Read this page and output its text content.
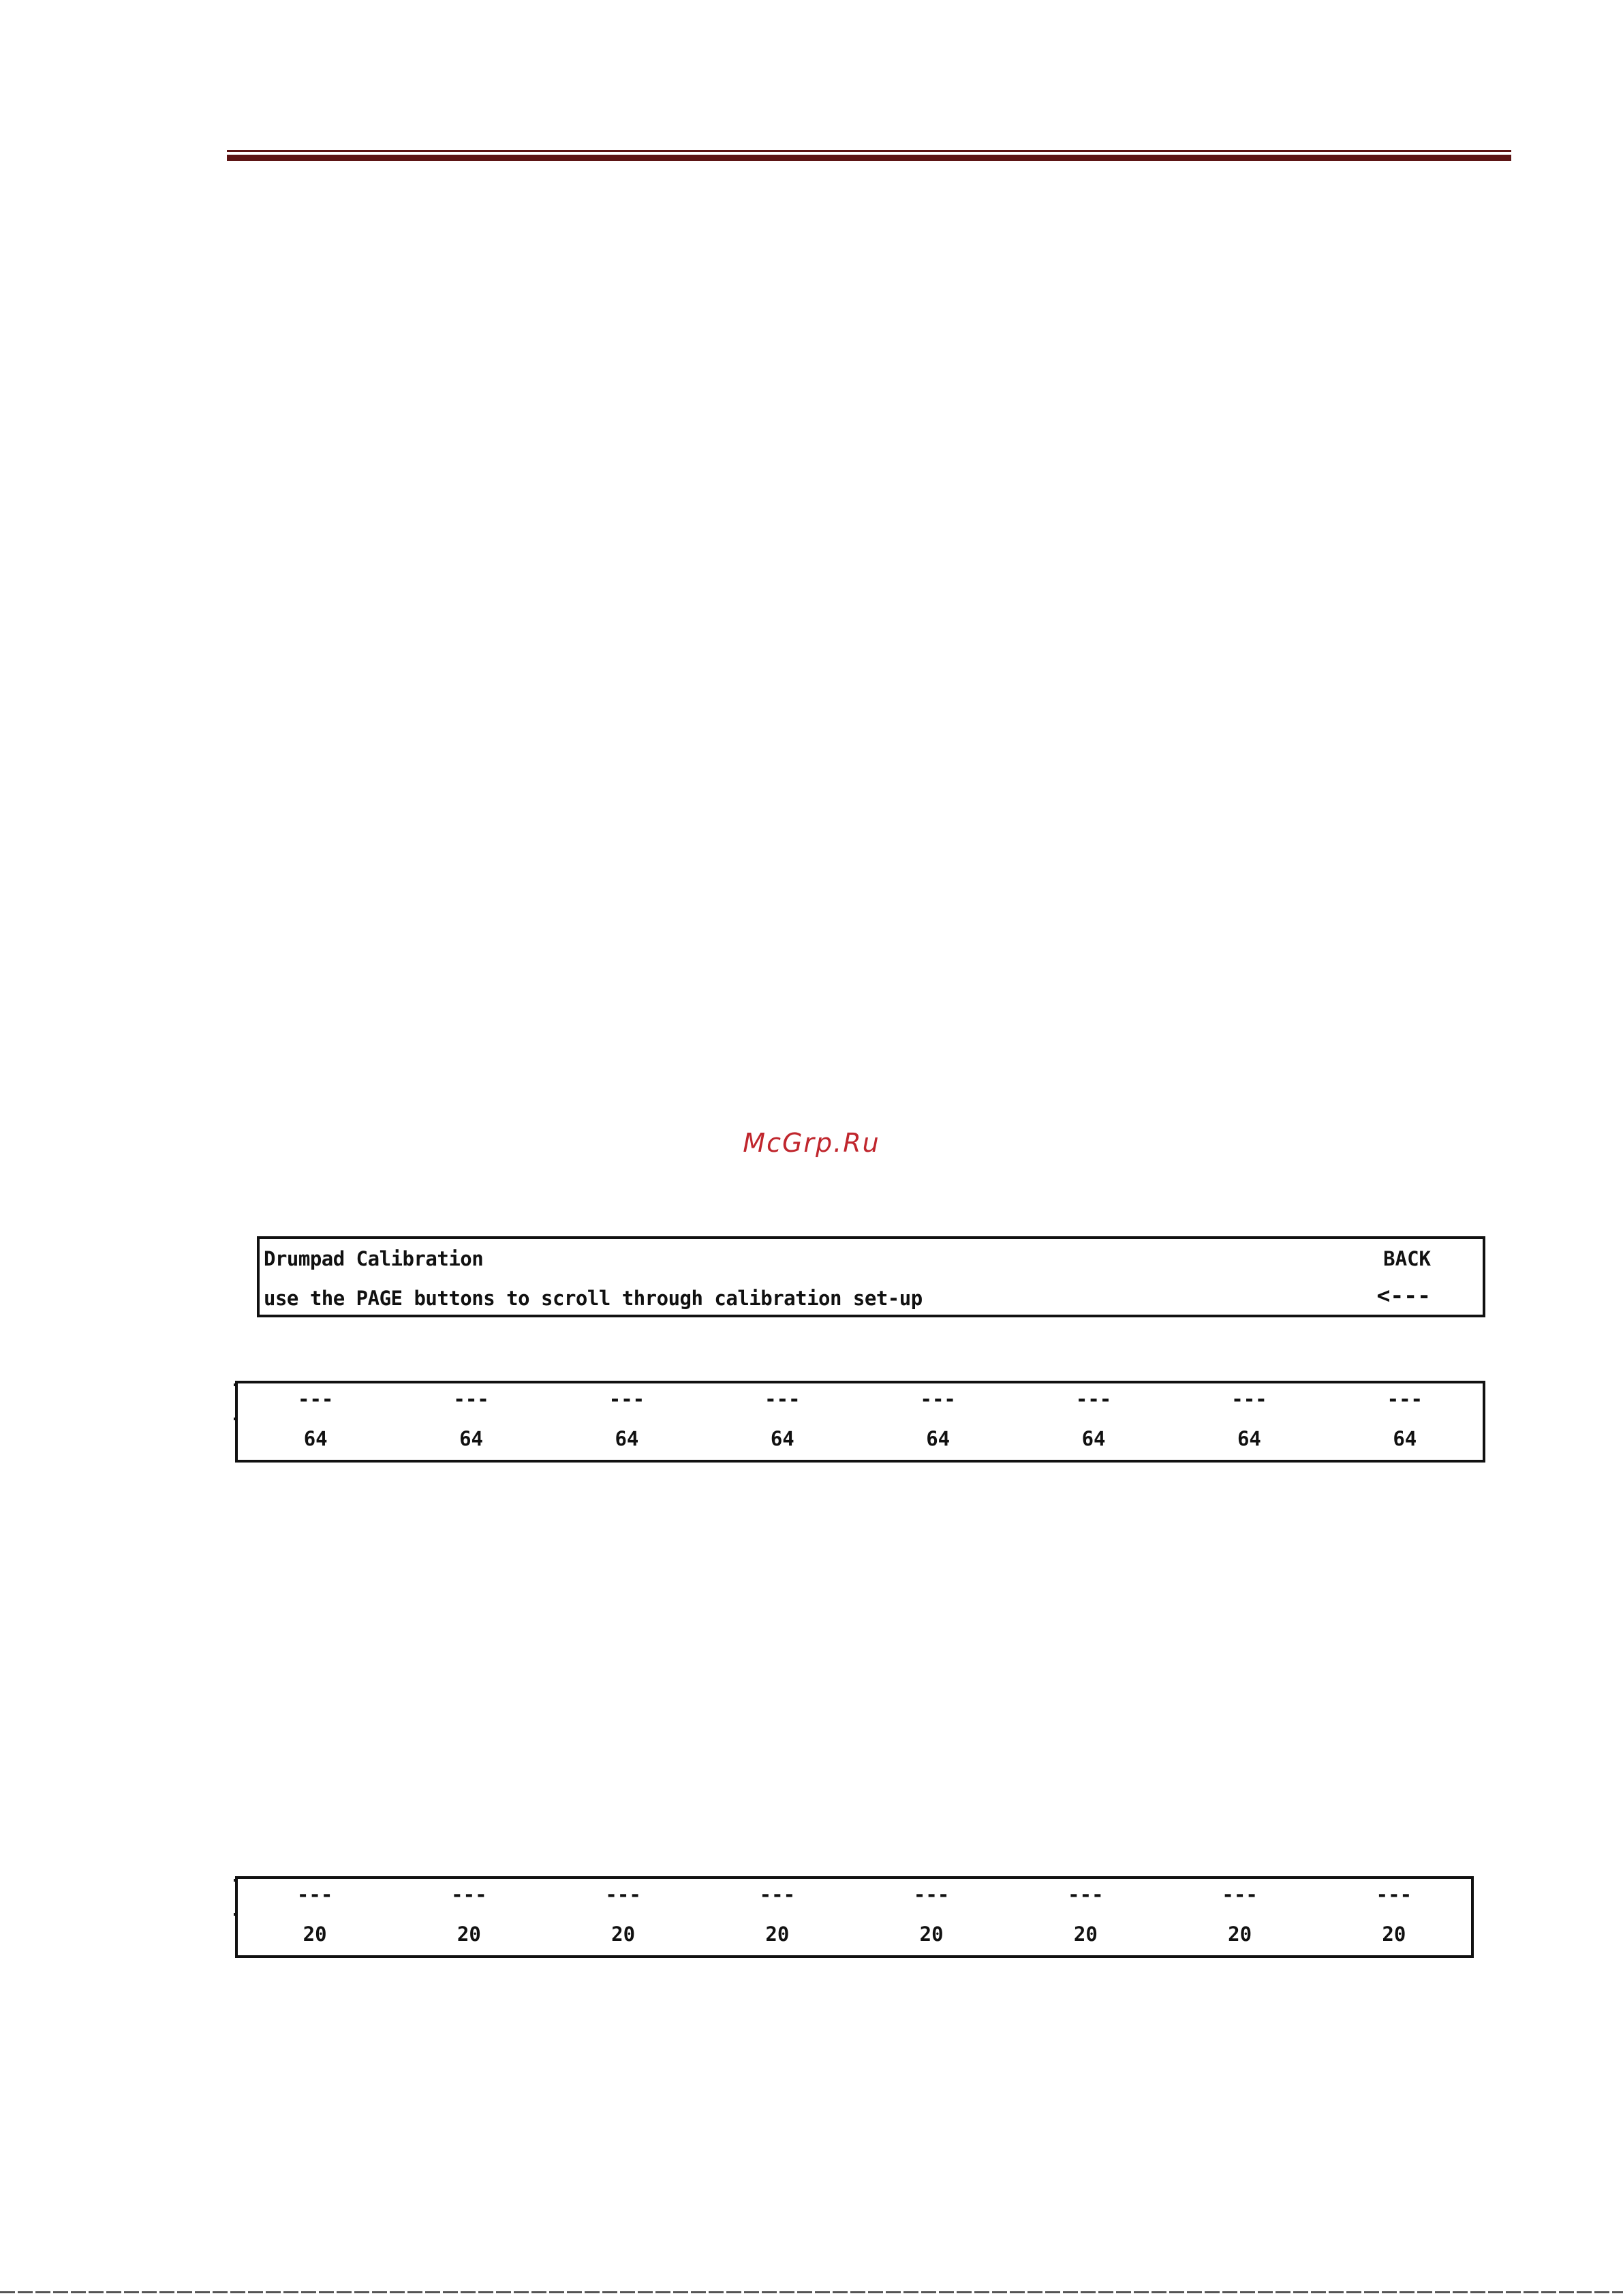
McGrp.Ru
Drumpad Calibration
use the PAGE buttons to scroll through calibration set-up
BACK
<---
---
64
---
64
---
64
---
64
---
64
---
64
---
64
---
64
---
20
---
20
---
20
---
20
---
20
---
20
---
20
---
20
